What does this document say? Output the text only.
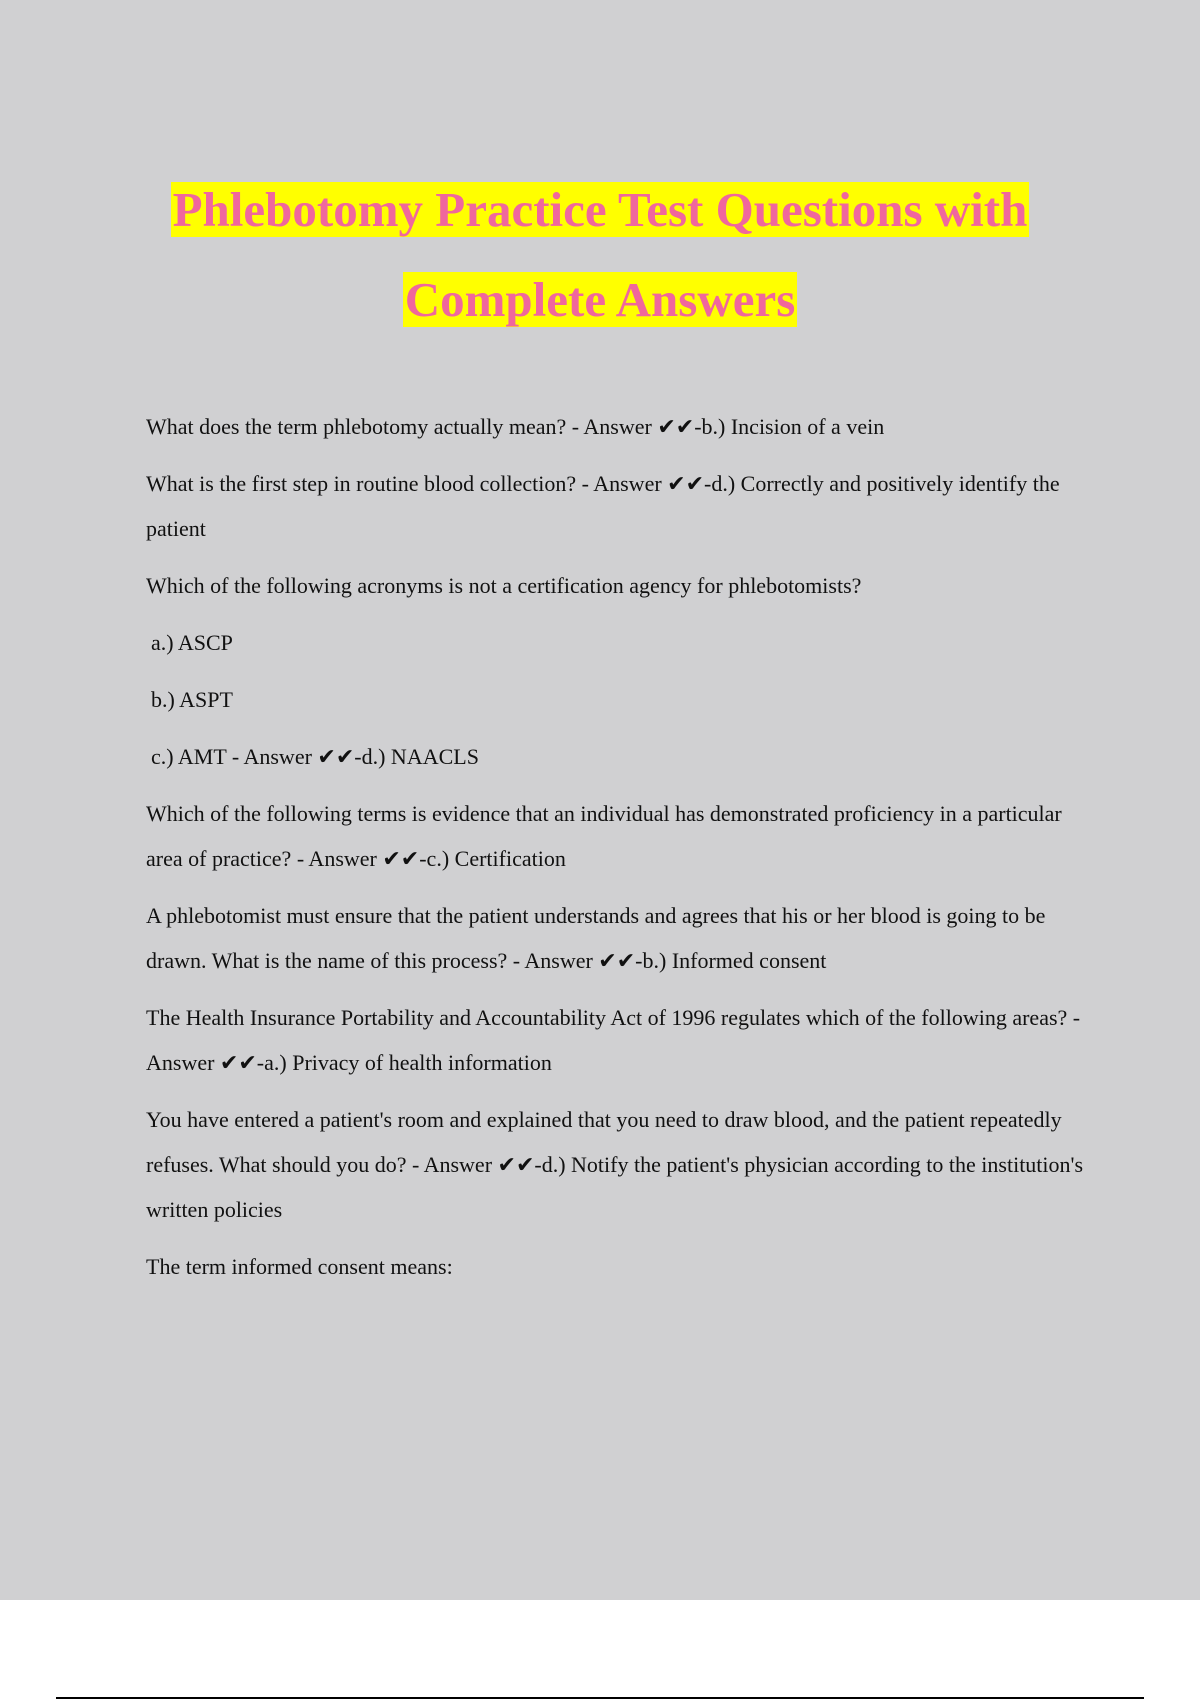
Phlebotomy Practice Test Questions with
Complete Answers

What does the term phlebotomy actually mean? - Answer ✔✔-b.) Incision of a vein

What is the first step in routine blood collection? - Answer ✔✔-d.) Correctly and positively identify the patient

Which of the following acronyms is not a certification agency for phlebotomists?

a.) ASCP

b.) ASPT

c.) AMT - Answer ✔✔-d.) NAACLS

Which of the following terms is evidence that an individual has demonstrated proficiency in a particular area of practice? - Answer ✔✔-c.) Certification

A phlebotomist must ensure that the patient understands and agrees that his or her blood is going to be drawn. What is the name of this process? - Answer ✔✔-b.) Informed consent

The Health Insurance Portability and Accountability Act of 1996 regulates which of the following areas? - Answer ✔✔-a.) Privacy of health information

You have entered a patient's room and explained that you need to draw blood, and the patient repeatedly refuses. What should you do? - Answer ✔✔-d.) Notify the patient's physician according to the institution's written policies

The term informed consent means:
